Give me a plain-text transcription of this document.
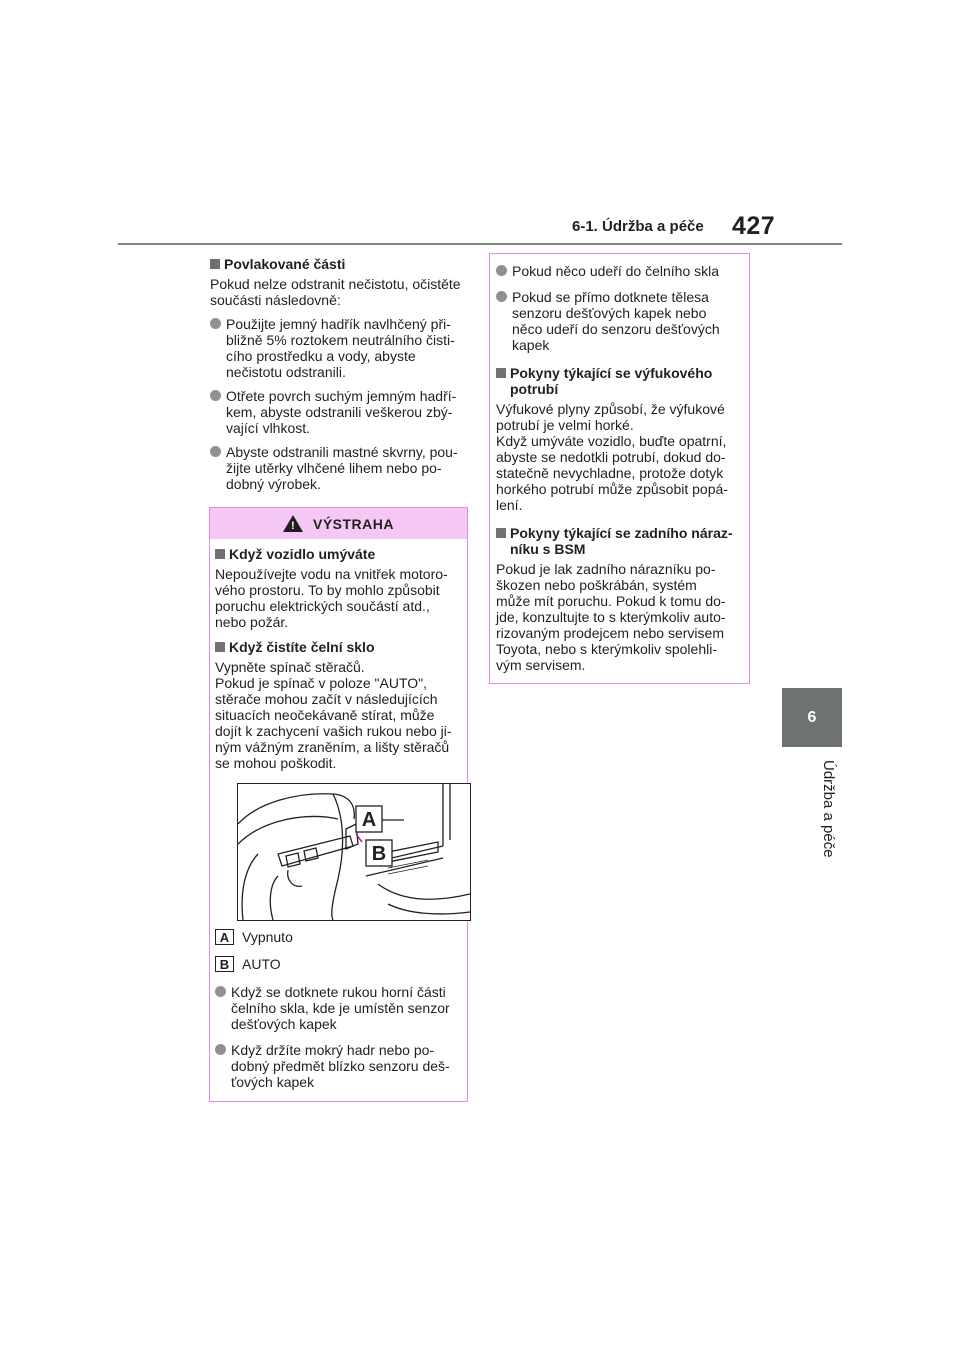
6-1. Údržba a péče 427
6
Údržba a péče
Povlakované části

Pokud nelze odstranit nečistotu, očistěte
součásti následovně:

Použijte jemný hadřík navlhčený při-
bližně 5% roztokem neutrálního čisti-
cího prostředku a vody, abyste
nečistotu odstranili.
Otřete povrch suchým jemným hadří-
kem, abyste odstranili veškerou zbý-
vající vlhkost.
Abyste odstranili mastné skvrny, pou-
žijte utěrky vlhčené lihem nebo po-
dobný výrobek.
!
VÝSTRAHA
Když vozidlo umýváte

Nepoužívejte vodu na vnitřek motoro-
vého prostoru. To by mohlo způsobit
poruchu elektrických součástí atd.,
nebo požár.

Když čistíte čelní sklo

Vypněte spínač stěračů.
Pokud je spínač v poloze "AUTO",
stěrače mohou začít v následujících
situacích neočekávaně stírat, může
dojít k zachycení vašich rukou nebo ji-
ným vážným zraněním, a lišty stěračů
se mohou poškodit.

A
B
A Vypnuto
B AUTO
Když se dotknete rukou horní části
čelního skla, kde je umístěn senzor
dešťových kapek
Když držíte mokrý hadr nebo po-
dobný předmět blízko senzoru deš-
ťových kapek
Pokud něco udeří do čelního skla
Pokud se přímo dotknete tělesa
senzoru dešťových kapek nebo
něco udeří do senzoru dešťových
kapek
Pokyny týkající se výfukového
potrubí

Výfukové plyny způsobí, že výfukové
potrubí je velmi horké.
Když umýváte vozidlo, buďte opatrní,
abyste se nedotkli potrubí, dokud do-
statečně nevychladne, protože dotyk
horkého potrubí může způsobit popá-
lení.

Pokyny týkající se zadního náraz-
níku s BSM

Pokud je lak zadního nárazníku po-
škozen nebo poškrábán, systém
může mít poruchu. Pokud k tomu do-
jde, konzultujte to s kterýmkoliv auto-
rizovaným prodejcem nebo servisem
Toyota, nebo s kterýmkoliv spolehli-
vým servisem.
